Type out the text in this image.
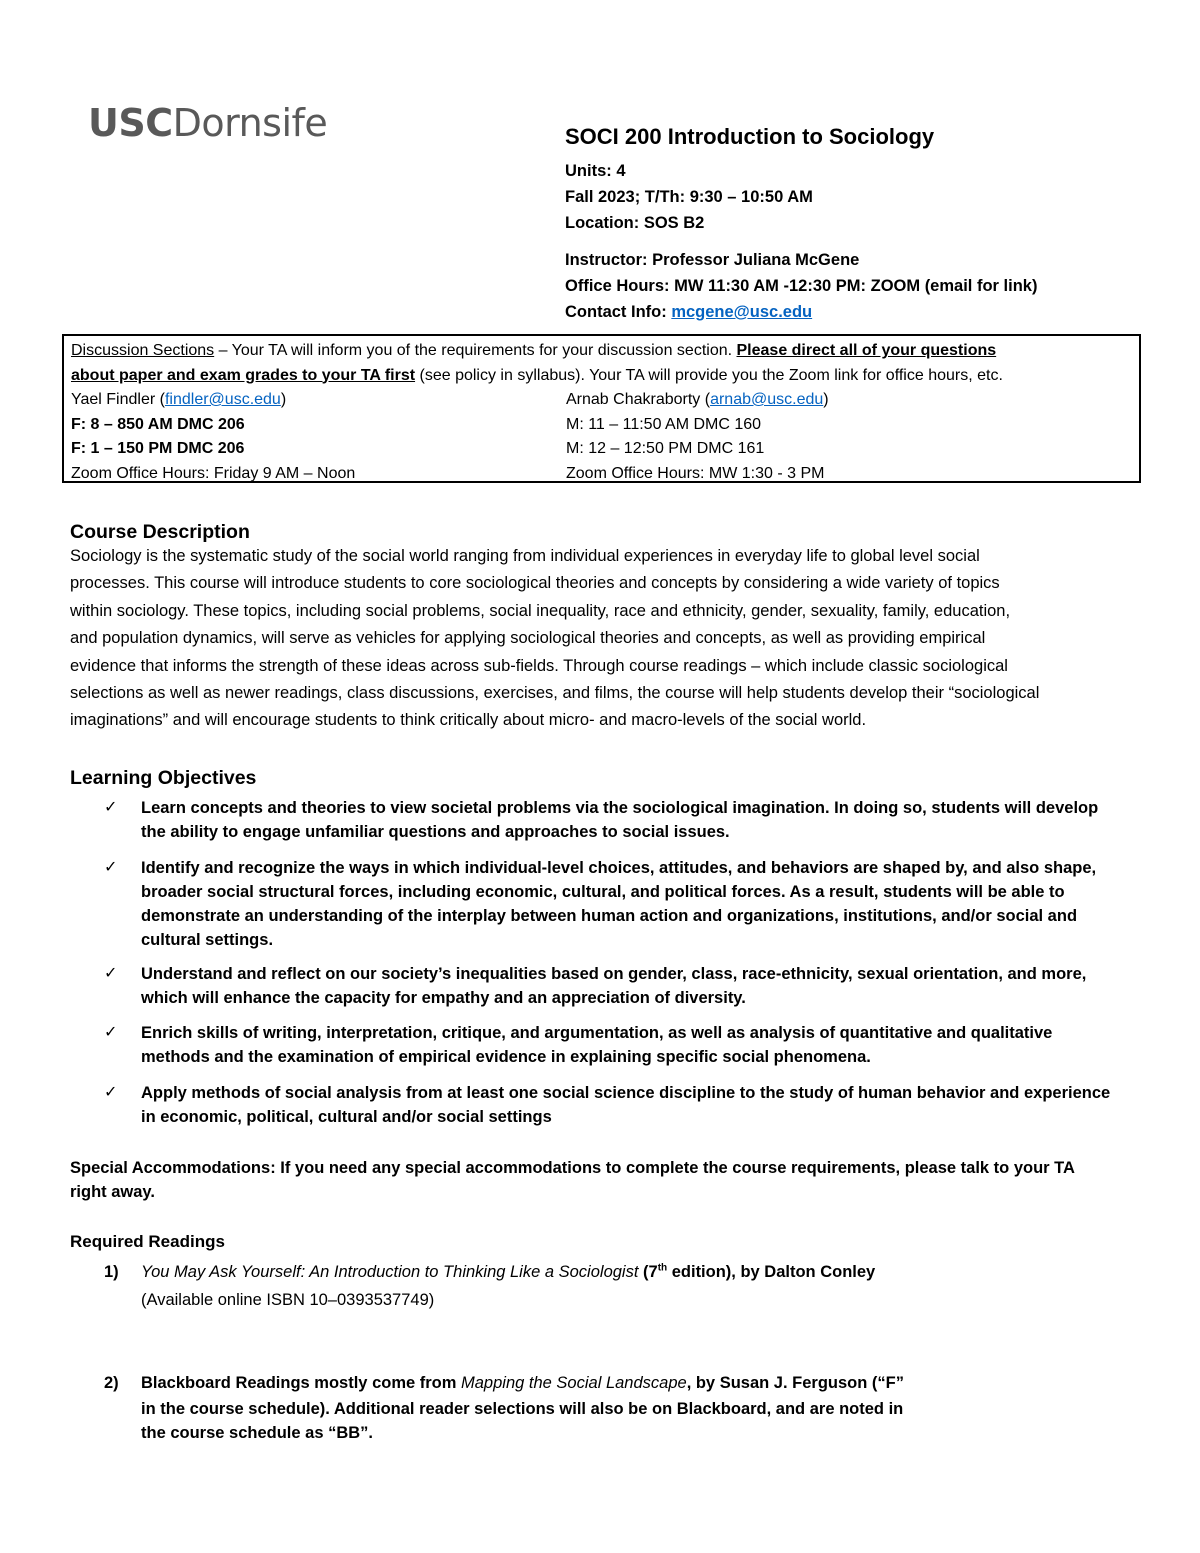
USCDornsife	SOCI 200 Introduction to Sociology
Units: 4
Fall 2023; T/Th: 9:30 – 10:50 AM
Location: SOS B2
Instructor: Professor Juliana McGene
Office Hours: MW 11:30 AM -12:30 PM: ZOOM (email for link)
Contact Info: mcgene@usc.edu
Discussion Sections – Your TA will inform you of the requirements for your discussion section. Please direct all of your questions
about paper and exam grades to your TA first (see policy in syllabus). Your TA will provide you the Zoom link for office hours, etc.
Yael Findler (findler@usc.edu)
F: 8 – 850 AM DMC 206
F: 1 – 150 PM DMC 206
Zoom Office Hours: Friday 9 AM – Noon
Arnab Chakraborty (arnab@usc.edu)
M: 11 – 11:50 AM DMC 160
M: 12 – 12:50 PM DMC 161
Zoom Office Hours: MW 1:30 - 3 PM
Course Description
Sociology is the systematic study of the social world ranging from individual experiences in everyday life to global level social
processes. This course will introduce students to core sociological theories and concepts by considering a wide variety of topics
within sociology. These topics, including social problems, social inequality, race and ethnicity, gender, sexuality, family, education,
and population dynamics, will serve as vehicles for applying sociological theories and concepts, as well as providing empirical
evidence that informs the strength of these ideas across sub-fields. Through course readings – which include classic sociological
selections as well as newer readings, class discussions, exercises, and films, the course will help students develop their “sociological
imaginations” and will encourage students to think critically about micro- and macro-levels of the social world.
Learning Objectives
✓ Learn concepts and theories to view societal problems via the sociological imagination. In doing so, students will develop
the ability to engage unfamiliar questions and approaches to social issues.
✓ Identify and recognize the ways in which individual-level choices, attitudes, and behaviors are shaped by, and also shape,
broader social structural forces, including economic, cultural, and political forces. As a result, students will be able to
demonstrate an understanding of the interplay between human action and organizations, institutions, and/or social and
cultural settings.
✓ Understand and reflect on our society’s inequalities based on gender, class, race-ethnicity, sexual orientation, and more,
which will enhance the capacity for empathy and an appreciation of diversity.
✓ Enrich skills of writing, interpretation, critique, and argumentation, as well as analysis of quantitative and qualitative
methods and the examination of empirical evidence in explaining specific social phenomena.
✓ Apply methods of social analysis from at least one social science discipline to the study of human behavior and experience
in economic, political, cultural and/or social settings
Special Accommodations: If you need any special accommodations to complete the course requirements, please talk to your TA
right away.
Required Readings
1) You May Ask Yourself: An Introduction to Thinking Like a Sociologist (7th edition), by Dalton Conley
(Available online ISBN 10–0393537749)
2) Blackboard Readings mostly come from Mapping the Social Landscape, by Susan J. Ferguson (“F”
in the course schedule). Additional reader selections will also be on Blackboard, and are noted in
the course schedule as “BB”.
